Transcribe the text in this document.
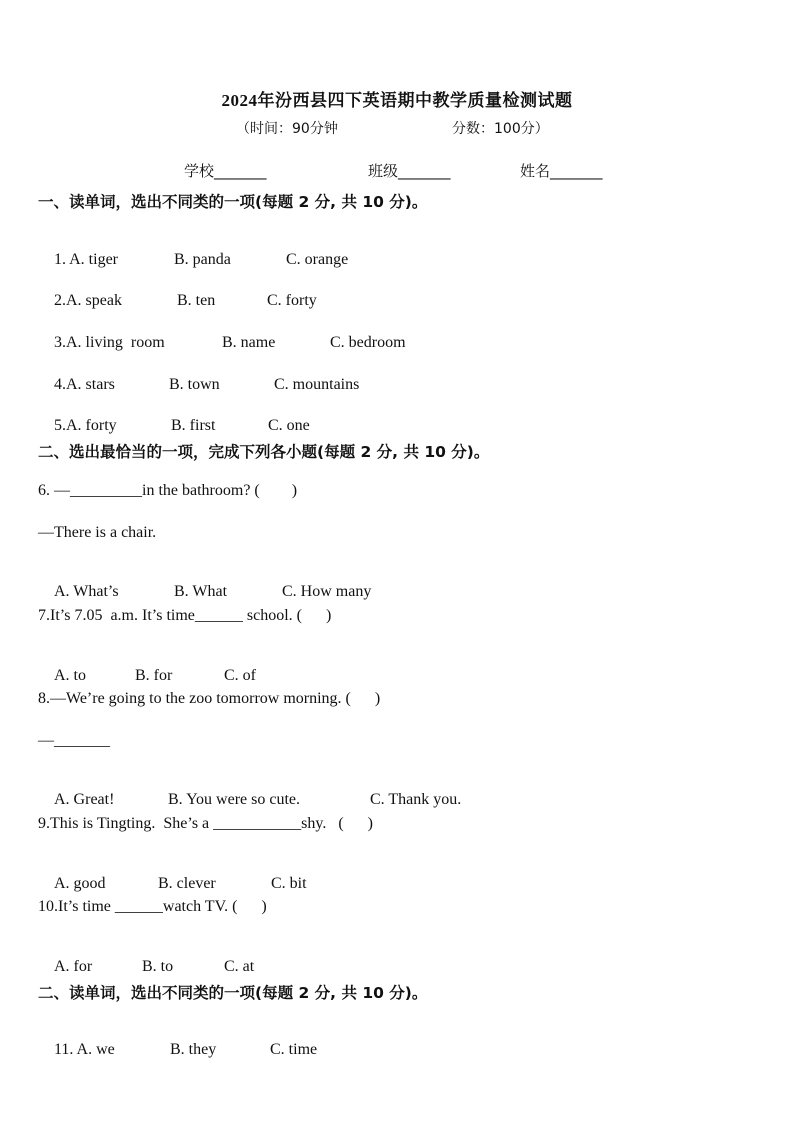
2024年汾西县四下英语期中教学质量检测试题
（时间：90分钟	分数：100分）
学校_______	班级_______	姓名_______
一、读单词，选出不同类的一项(每题 2 分, 共 10 分)。

1. A. tiger	B. panda	C. orange

2.A. speak	B. ten	C. forty

3.A. living  room	B. name	C. bedroom

4.A. stars	B. town	C. mountains

5.A. forty	B. first	C. one

二、选出最恰当的一项，完成下列各小题(每题 2 分, 共 10 分)。
6. —_________in the bathroom? (        )
—There is a chair.

A. What’s	B. What	C. How many

7.It’s 7.05  a.m. It’s time______ school. (      )

A. to	B. for	C. of

8.—We’re going to the zoo tomorrow morning. (      )
—_______

A. Great!	B. You were so cute.	C. Thank you.

9.This is Tingting.  She’s a ___________shy.   (      )

A. good	B. clever	C. bit

10.It’s time ______watch TV. (      )

A. for	B. to	C. at

二、读单词，选出不同类的一项(每题 2 分, 共 10 分)。

11. A. we	B. they	C. time
